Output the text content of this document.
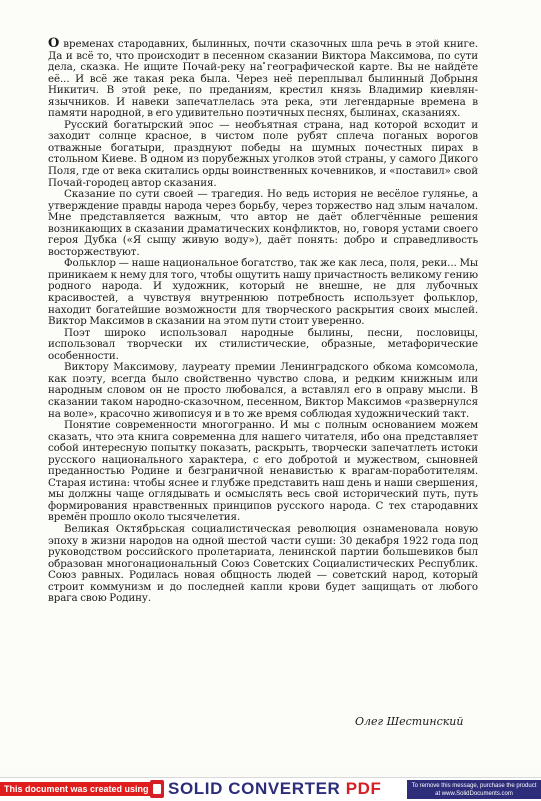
О временах стародавних, былинных, почти сказочных шла речь в этой книге. Да и всё то, что происходит в песенном сказании Виктора Максимова, по сути дела, сказка. Не ищите Почай-реку на географической карте. Вы не найдёте её... И всё же такая река была. Через неё переплывал былинный Добрыня Никитич. В этой реке, по преданиям, крестил князь Владимир киевлян-язычников. И навеки запечатлелась эта река, эти легендарные времена в памяти народной, в его удивительно поэтичных песнях, былинах, сказаниях.

Русский богатырский эпос — необъятная страна, над которой всходит и заходит солнце красное, в чистом поле рубят сплеча поганых ворогов отважные богатыри, празднуют победы на шумных почестных пирах в стольном Киеве. В одном из порубежных уголков этой страны, у самого Дикого Поля, где от века скитались орды воинственных кочевников, и «поставил» свой Почай-городец автор сказания.

Сказание по сути своей — трагедия. Но ведь история не весёлое гулянье, а утверждение правды народа через борьбу, через торжество над злым началом. Мне представляется важным, что автор не даёт облегчённые решения возникающих в сказании драматических конфликтов, но, говоря устами своего героя Дубка («Я сыщу живую воду»), даёт понять: добро и справедливость восторжествуют.

Фольклор — наше национальное богатство, так же как леса, поля, реки... Мы приникаем к нему для того, чтобы ощутить нашу причастность великому гению родного народа. И художник, который не внешне, не для лубочных красивостей, а чувствуя внутреннюю потребность использует фольклор, находит богатейшие возможности для творческого раскрытия своих мыслей. Виктор Максимов в сказании на этом пути стоит уверенно.

Поэт широко использовал народные былины, песни, пословицы, использовал творчески их стилистические, образные, метафорические особенности.

Виктору Максимову, лауреату премии Ленинградского обкома комсомола, как поэту, всегда было свойственно чувство слова, и редким книжным или народным словом он не просто любовался, а вставлял его в оправу мысли. В сказании таком народно-сказочном, песенном, Виктор Максимов «развернулся на воле», красочно живописуя и в то же время соблюдая художнический такт.

Понятие современности многогранно. И мы с полным основанием можем сказать, что эта книга современна для нашего читателя, ибо она представляет собой интересную попытку показать, раскрыть, творчески запечатлеть истоки русского национального характера, с его добротой и мужеством, сыновней преданностью Родине и безграничной ненавистью к врагам-поработителям. Старая истина: чтобы яснее и глубже представить наш день и наши свершения, мы должны чаще оглядывать и осмыслять весь свой исторический путь, путь формирования нравственных принципов русского народа. С тех стародавних времён прошло около тысячелетия.

Великая Октябрьская социалистическая революция ознаменовала новую эпоху в жизни народов на одной шестой части суши: 30 декабря 1922 года под руководством российского пролетариата, ленинской партии большевиков был образован многонациональный Союз Советских Социалистических Республик. Союз равных. Родилась новая общность людей — советский народ, который строит коммунизм и до последней капли крови будет защищать от любого врага свою Родину.

Олег Шестинский
This document was created using SOLID CONVERTER PDF	To remove this message, purchase the product at www.SolidDocuments.com
